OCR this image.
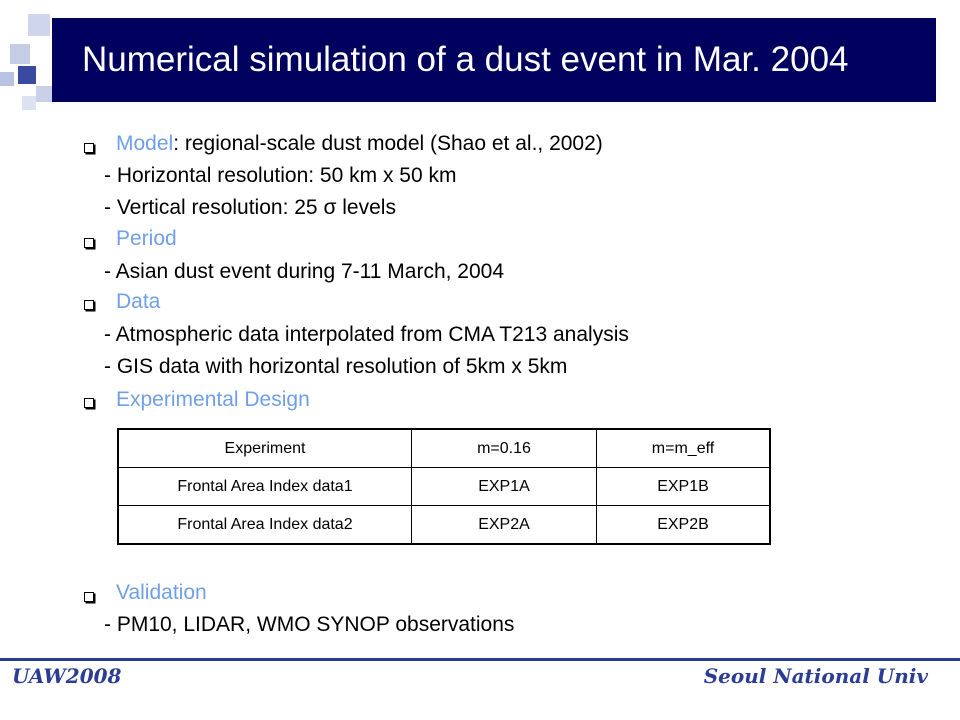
Numerical simulation of a dust event in Mar. 2004
Model: regional-scale dust model (Shao et al., 2002)
- Horizontal resolution: 50 km x 50 km
- Vertical resolution: 25 σ levels
Period
- Asian dust event during 7-11 March, 2004
Data
- Atmospheric data interpolated from CMA T213 analysis
- GIS data with horizontal resolution of 5km x 5km
Experimental Design
Experiment	m=0.16	m=m_eff
Frontal Area Index data1	EXP1A	EXP1B
Frontal Area Index data2	EXP2A	EXP2B
Validation
- PM10, LIDAR, WMO SYNOP observations
UAW2008	Seoul National Univ
